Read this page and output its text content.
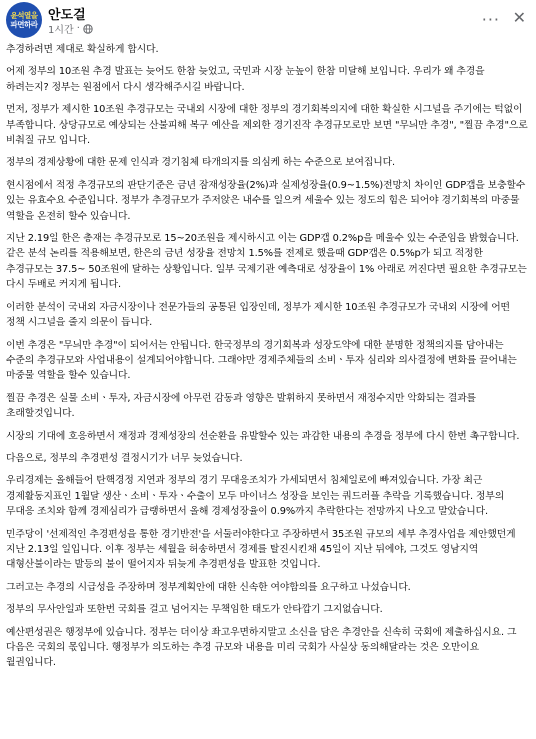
윤석열을
파면하라
안도걸
1시간 ·	··· ✕

추경하려면 제대로 확실하게 합시다.

어제 정부의 10조원 추경 발표는 늦어도 한참 늦었고, 국민과 시장 눈높이 한참 미달해 보입니다. 우리가 왜 추경을 하려는지? 정부는 원점에서 다시 생각해주시길 바랍니다.

먼저, 정부가 제시한 10조원 추경규모는 국내외 시장에 대한 정부의 경기회복의지에 대한 확실한 시그널을 주기에는 턱없이 부족합니다. 상당규모로 예상되는 산불피해 복구 예산을 제외한 경기진작 추경규모로만 보면 "무늬만 추경", "찔끔 추경"으로 비춰질 규모 입니다.

정부의 경제상황에 대한 문제 인식과 경기침체 타개의지를 의심케 하는 수준으로 보여집니다.

현시점에서 적정 추경규모의 판단기준은 금년 잠재성장율(2%)과 실제성장율(0.9~1.5%)전망치 차이인 GDP갭을 보충할수 있는 유효수요 수준입니다. 정부가 추경규모가 주저앉은 내수를 일으켜 세울수 있는 정도의 힘은 되어야 경기회복의 마중물 역할을 온전히 할수 있습니다.

지난 2.19일 한은 총재는 추경규모로 15~20조원을 제시하시고 이는 GDP갭 0.2%p을 메울수 있는 수준임을 밝혔습니다. 같은 분석 논리를 적용해보면, 한은의 금년 성장율 전망치 1.5%를 전제로 했을때 GDP갭은 0.5%p가 되고 적정한 추경규모는 37.5~ 50조원에 달하는 상황입니다. 일부 국제기관 예측대로 성장율이 1% 아래로 꺼진다면 필요한 추경규모는 다시 두배로 커지게 됩니다.

이러한 분석이 국내외 자금시장이나 전문가들의 공통된 입장인데, 정부가 제시한 10조원 추경규모가 국내외 시장에 어떤 정책 시그널을 줄지 의문이 듭니다.

이번 추경은 "무늬만 추경"이 되어서는 안됩니다. 한국정부의 경기회복과 성장도약에 대한 분명한 정책의지를 담아내는 수준의 추경규모와 사업내용이 설계되어야합니다. 그래야만 경제주체들의 소비ㆍ투자 심리와 의사결정에 변화를 끌어내는 마중물 역할을 할수 있습니다.

찔끔 추경은 실물 소비ㆍ투자, 자금시장에 아무런 감동과 영향은 발휘하지 못하면서 재정수지만 악화되는 결과를 초래할것입니다.

시장의 기대에 호응하면서 재정과 경제성장의 선순환을 유발할수 있는 과감한 내용의 추경을 정부에 다시 한번 촉구합니다.

다음으로, 정부의 추경편성 결정시기가 너무 늦었습니다.

우리경제는 올해들어 탄핵경정 지연과 정부의 경기 무대응조치가 가세되면서 침체일로에 빠져있습니다. 가장 최근 경제활동지표인 1월달 생산ㆍ소비ㆍ투자ㆍ수출이 모두 마이너스 성장을 보인는 쿼드러플 추락을 기록했습니다. 정부의 무대응 조치와 함께 경제심리가 급랭하면서 올해 경제성장율이 0.9%까지 추락한다는 전망까지 나오고 말았습니다.

민주당이 '선제적인 추경편성을 통한 경기반전'을 서둘러야한다고 주장하면서 35조원 규모의 세부 추경사업을 제안했던게 지난 2.13일 일입니다. 이후 정부는 세월을 허송하면서 경제를 탈진시킨채 45일이 지난 뒤에야, 그것도 영남지역 대형산불이라는 발등의 불이 떨어지자 뒤늦게 추경편성을 발표한 것입니다.

그러고는 추경의 시급성을 주장하며 정부계획안에 대한 신속한 여야합의를 요구하고 나섰습니다.

정부의 무사안일과 또한번 국회를 걸고 넘어지는 무책임한 태도가 안타깝기 그지없습니다.

예산편성권은 행정부에 있습니다. 정부는 더이상 좌고우면하지말고 소신을 담은 추경안을 신속히 국회에 제출하십시요. 그 다음은 국회의 몫입니다. 행정부가 의도하는 추경 규모와 내용을 미리 국회가 사실상 동의해달라는 것은 오만이요 월권입니다.
